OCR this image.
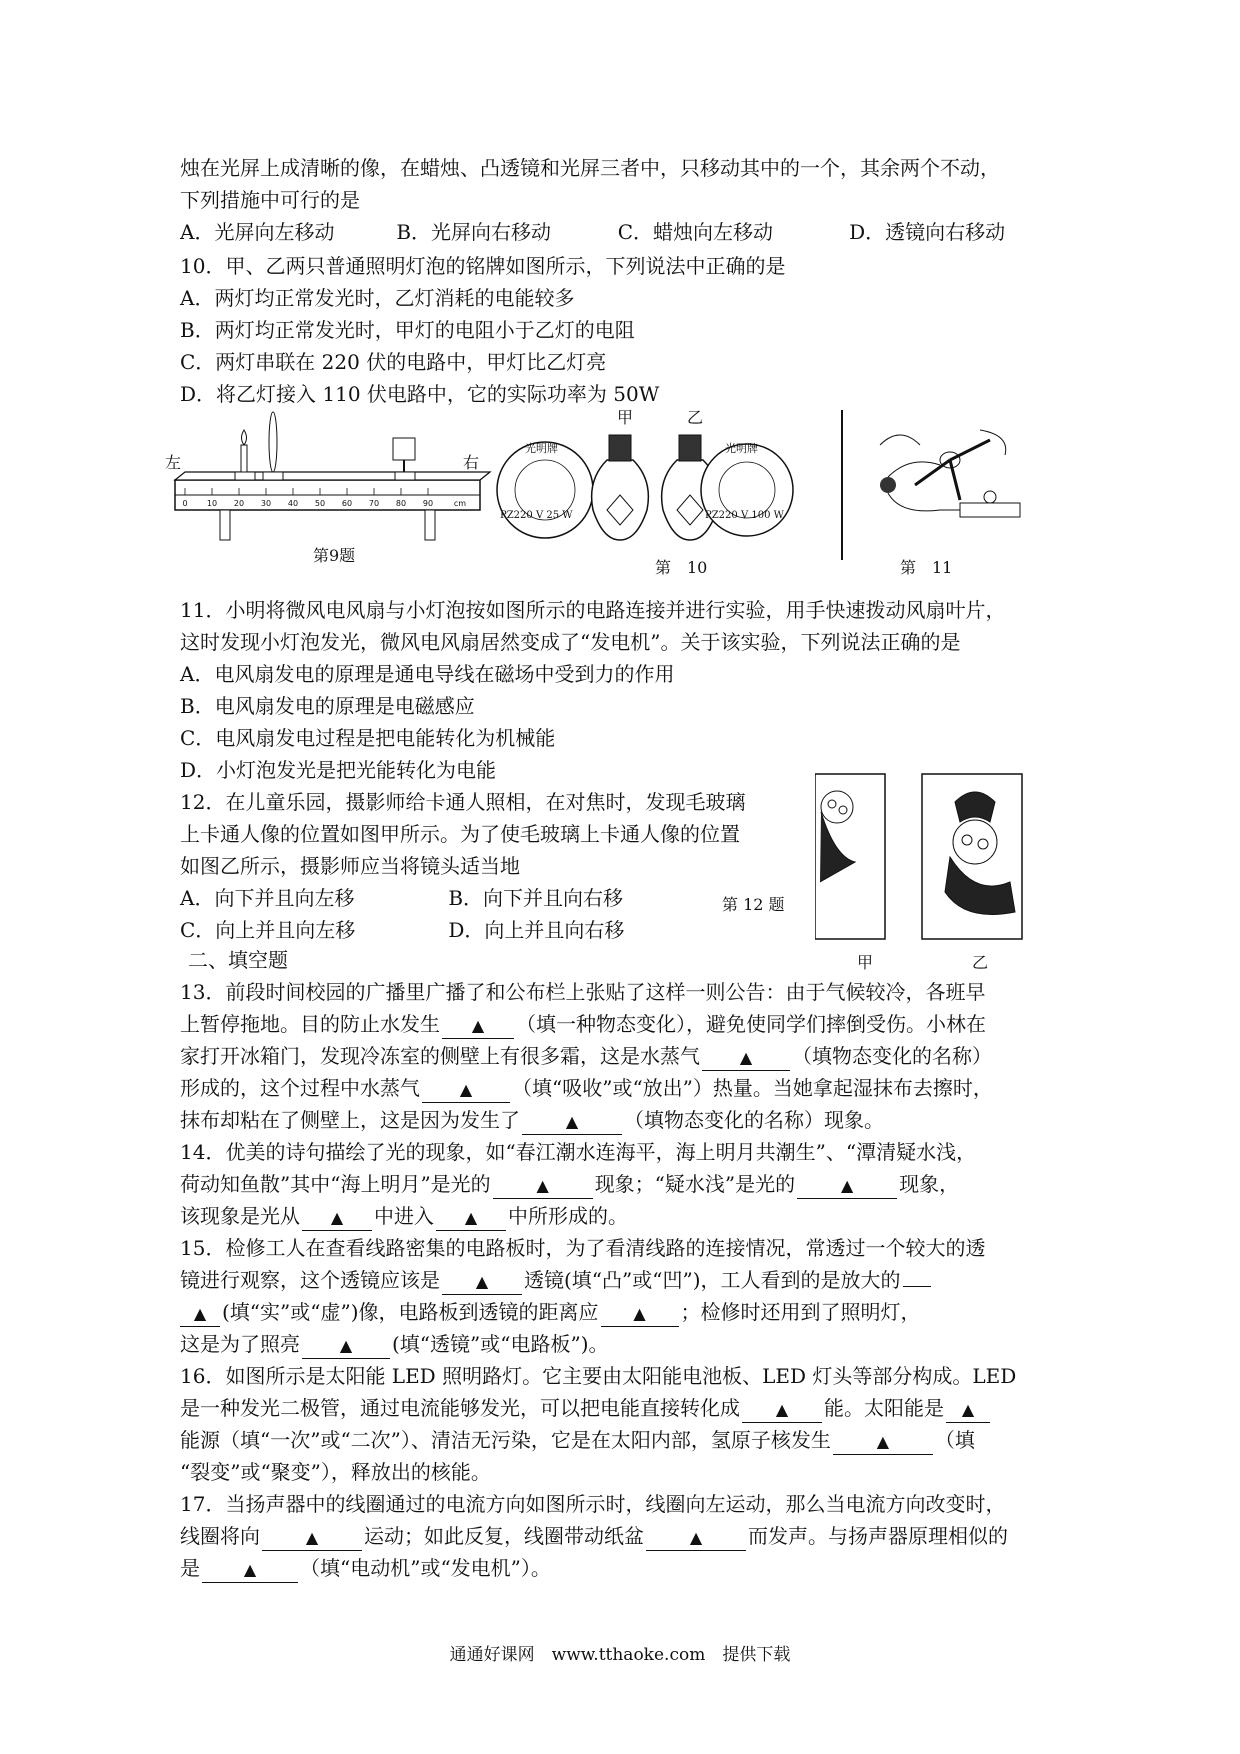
烛在光屏上成清晰的像，在蜡烛、凸透镜和光屏三者中，只移动其中的一个，其余两个不动，
下列措施中可行的是
A．光屏向左移动	B．光屏向右移动	C．蜡烛向左移动	D．透镜向右移动
10．甲、乙两只普通照明灯泡的铭牌如图所示，下列说法中正确的是
A．两灯均正常发光时，乙灯消耗的电能较多
B．两灯均正常发光时，甲灯的电阻小于乙灯的电阻
C．两灯串联在 220 伏的电路中，甲灯比乙灯亮
D．将乙灯接入 110 伏电路中，它的实际功率为 50W
0 10 20 30 40 50 60 70 80 90	cm
左	右
第9题
甲	乙
光明牌
PZ220 V 25 W
光明牌
PZ220 V 100 W
第　10	第　11
11．小明将微风电风扇与小灯泡按如图所示的电路连接并进行实验，用手快速拨动风扇叶片，
这时发现小灯泡发光，微风电风扇居然变成了“发电机”。关于该实验，下列说法正确的是
A．电风扇发电的原理是通电导线在磁场中受到力的作用
B．电风扇发电的原理是电磁感应
C．电风扇发电过程是把电能转化为机械能
D．小灯泡发光是把光能转化为电能
12．在儿童乐园，摄影师给卡通人照相，在对焦时，发现毛玻璃
上卡通人像的位置如图甲所示。为了使毛玻璃上卡通人像的位置
如图乙所示，摄影师应当将镜头适当地
A．向下并且向左移	B．向下并且向右移
C．向上并且向左移	D．向上并且向右移
第 12 题
甲	乙
二、填空题
13．前段时间校园的广播里广播了和公布栏上张贴了这样一则公告：由于气候较冷，各班早
上暂停拖地。目的防止水发生 ▲ （填一种物态变化），避免使同学们摔倒受伤。小林在
家打开冰箱门，发现冷冻室的侧壁上有很多霜，这是水蒸气 ▲ （填物态变化的名称）
形成的，这个过程中水蒸气 ▲ （填“吸收”或“放出”）热量。当她拿起湿抹布去擦时，
抹布却粘在了侧壁上，这是因为发生了	▲ （填物态变化的名称）现象。
14．优美的诗句描绘了光的现象，如“春江潮水连海平，海上明月共潮生”、“潭清疑水浅，
荷动知鱼散”其中“海上明月”是光的	▲ 现象；“疑水浅”是光的	▲ 现象，
该现象是光从 ▲ 中进入 ▲ 中所形成的。
15．检修工人在查看线路密集的电路板时，为了看清线路的连接情况，常透过一个较大的透
镜进行观察，这个透镜应该是 ▲ 透镜(填“凸”或“凹”)，工人看到的是放大的
▲ (填“实”或“虚”)像，电路板到透镜的距离应 ▲ ；检修时还用到了照明灯，
这是为了照亮 ▲ (填“透镜”或“电路板”)。
16．如图所示是太阳能 LED 照明路灯。它主要由太阳能电池板、LED 灯头等部分构成。LED
是一种发光二极管，通过电流能够发光，可以把电能直接转化成 ▲ 能。太阳能是 ▲
能源（填“一次”或“二次”）、清洁无污染，它是在太阳内部，氢原子核发生	▲ （填
“裂变”或“聚变”），释放出的核能。
17．当扬声器中的线圈通过的电流方向如图所示时，线圈向左运动，那么当电流方向改变时，
线圈将向	▲ 运动；如此反复，线圈带动纸盆	▲ 而发声。与扬声器原理相似的
是	▲ （填“电动机”或“发电机”）。
通通好课网　www.tthaoke.com　提供下载
